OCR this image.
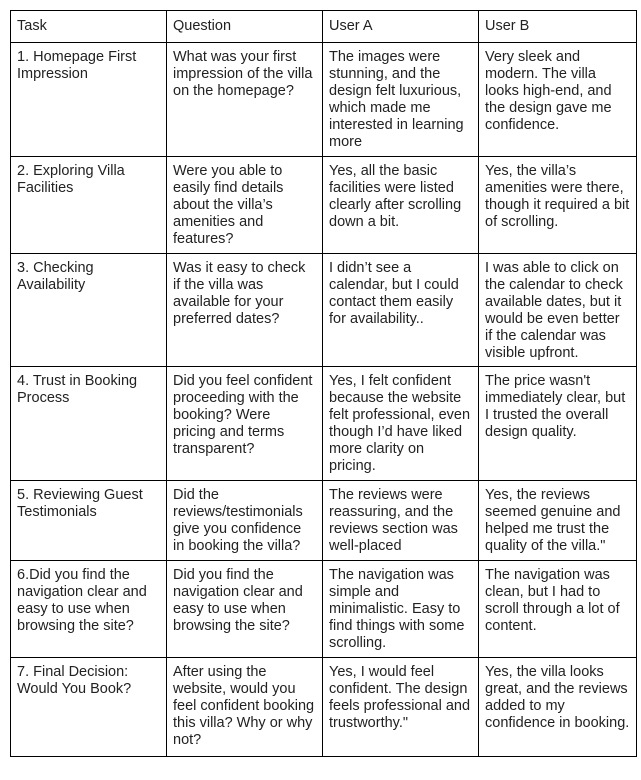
Task	Question	User A	User B
1. Homepage First Impression	What was your first impression of the villa on the homepage?	The images were stunning, and the design felt luxurious, which made me interested in learning more	Very sleek and modern. The villa looks high-end, and the design gave me confidence.
2. Exploring Villa Facilities	Were you able to easily find details about the villa’s amenities and features?	Yes, all the basic facilities were listed clearly after scrolling down a bit.	Yes, the villa’s amenities were there, though it required a bit of scrolling.
3. Checking Availability	Was it easy to check if the villa was available for your preferred dates?	I didn’t see a calendar, but I could contact them easily for availability..	I was able to click on the calendar to check available dates, but it would be even better if the calendar was visible upfront.
4. Trust in Booking Process	Did you feel confident proceeding with the booking? Were pricing and terms transparent?	Yes, I felt confident because the website felt professional, even though I’d have liked more clarity on pricing.	The price wasn't immediately clear, but I trusted the overall design quality.
5. Reviewing Guest Testimonials	Did the reviews/testimonials give you confidence in booking the villa?	The reviews were reassuring, and the reviews section was well-placed	Yes, the reviews seemed genuine and helped me trust the quality of the villa."
6.Did you find the navigation clear and easy to use when browsing the site?	Did you find the navigation clear and easy to use when browsing the site?	The navigation was simple and minimalistic. Easy to find things with some scrolling.	The navigation was clean, but I had to scroll through a lot of content.
7. Final Decision: Would You Book?	After using the website, would you feel confident booking this villa? Why or why not?	Yes, I would feel confident. The design feels professional and trustworthy."	Yes, the villa looks great, and the reviews added to my confidence in booking.
